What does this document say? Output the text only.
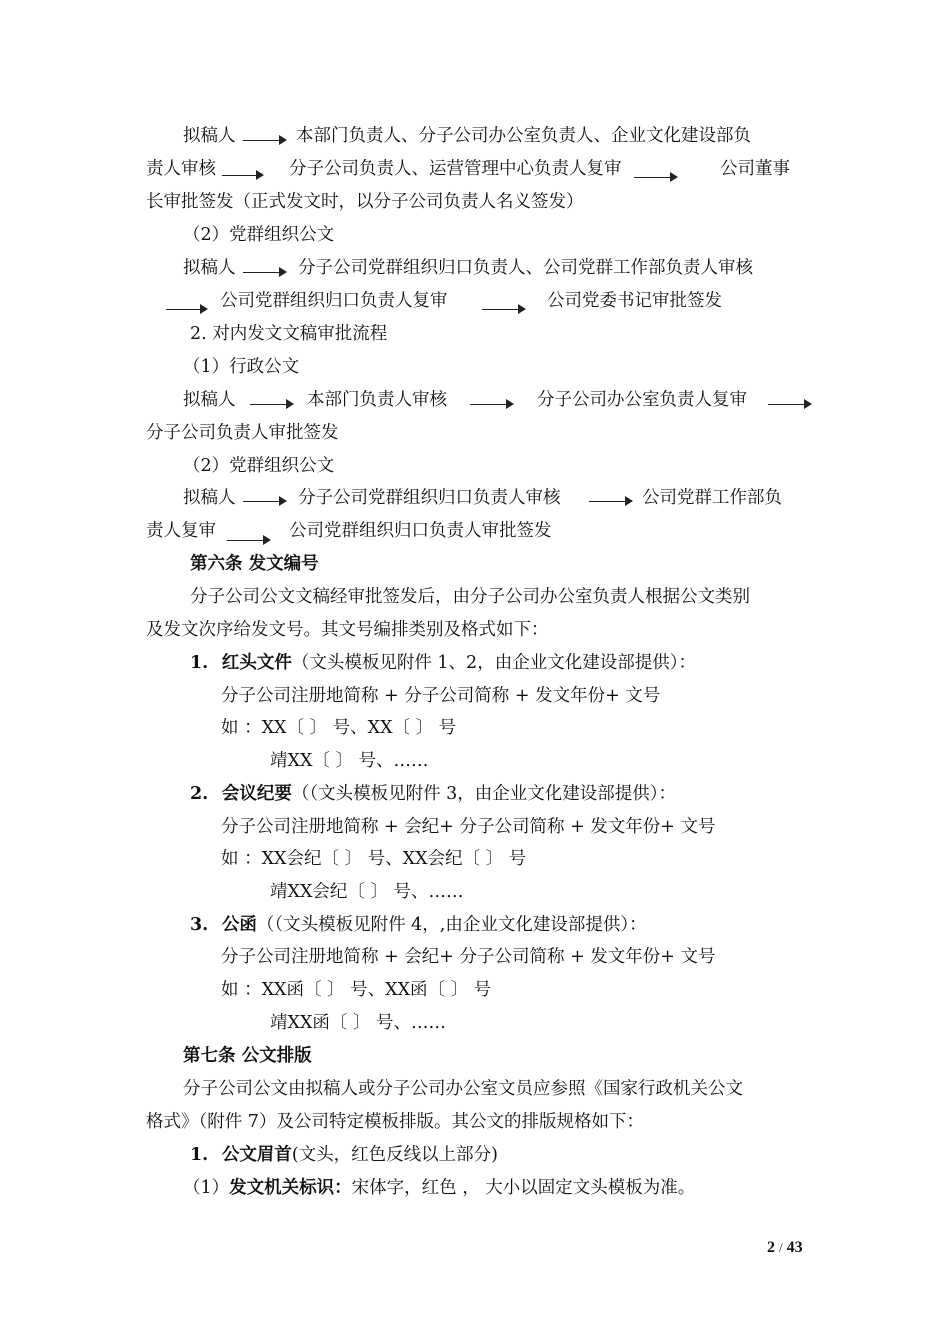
拟稿人	本部门负责人、分子公司办公室负责人、企业文化建设部负
责人审核	分子公司负责人、运营管理中心负责人复审	公司董事
长审批签发（正式发文时，以分子公司负责人名义签发）
（2）党群组织公文
拟稿人	分子公司党群组织归口负责人、公司党群工作部负责人审核
公司党群组织归口负责人复审	公司党委书记审批签发
2. 对内发文文稿审批流程
（1）行政公文
拟稿人	本部门负责人审核	分子公司办公室负责人复审
分子公司负责人审批签发
（2）党群组织公文
拟稿人	分子公司党群组织归口负责人审核	公司党群工作部负
责人复审	公司党群组织归口负责人审批签发
第六条 发文编号
分子公司公文文稿经审批签发后，由分子公司办公室负责人根据公文类别
及发文次序给发文号。其文号编排类别及格式如下：
1. 红头文件（文头模板见附件 1、2，由企业文化建设部提供）：
分子公司注册地简称 + 分子公司简称 + 发文年份+ 文号
如 ：XX〔 〕 号、XX〔 〕 号
靖XX〔 〕 号、……
2. 会议纪要（（文头模板见附件 3，由企业文化建设部提供）：
分子公司注册地简称 + 会纪+ 分子公司简称 + 发文年份+ 文号
如 ：XX会纪〔 〕 号、XX会纪〔 〕 号
靖XX会纪〔 〕 号、……
3. 公函（（文头模板见附件 4，,由企业文化建设部提供）：
分子公司注册地简称 + 会纪+ 分子公司简称 + 发文年份+ 文号
如 ：XX函〔 〕 号、XX函〔 〕 号
靖XX函〔 〕 号、……
第七条 公文排版
分子公司公文由拟稿人或分子公司办公室文员应参照《国家行政机关公文
格式》（附件 7）及公司特定模板排版。其公文的排版规格如下：
1. 公文眉首(文头，红色反线以上部分)
（1）发文机关标识：宋体字，红色 ， 大小以固定文头模板为准。
2 / 43
